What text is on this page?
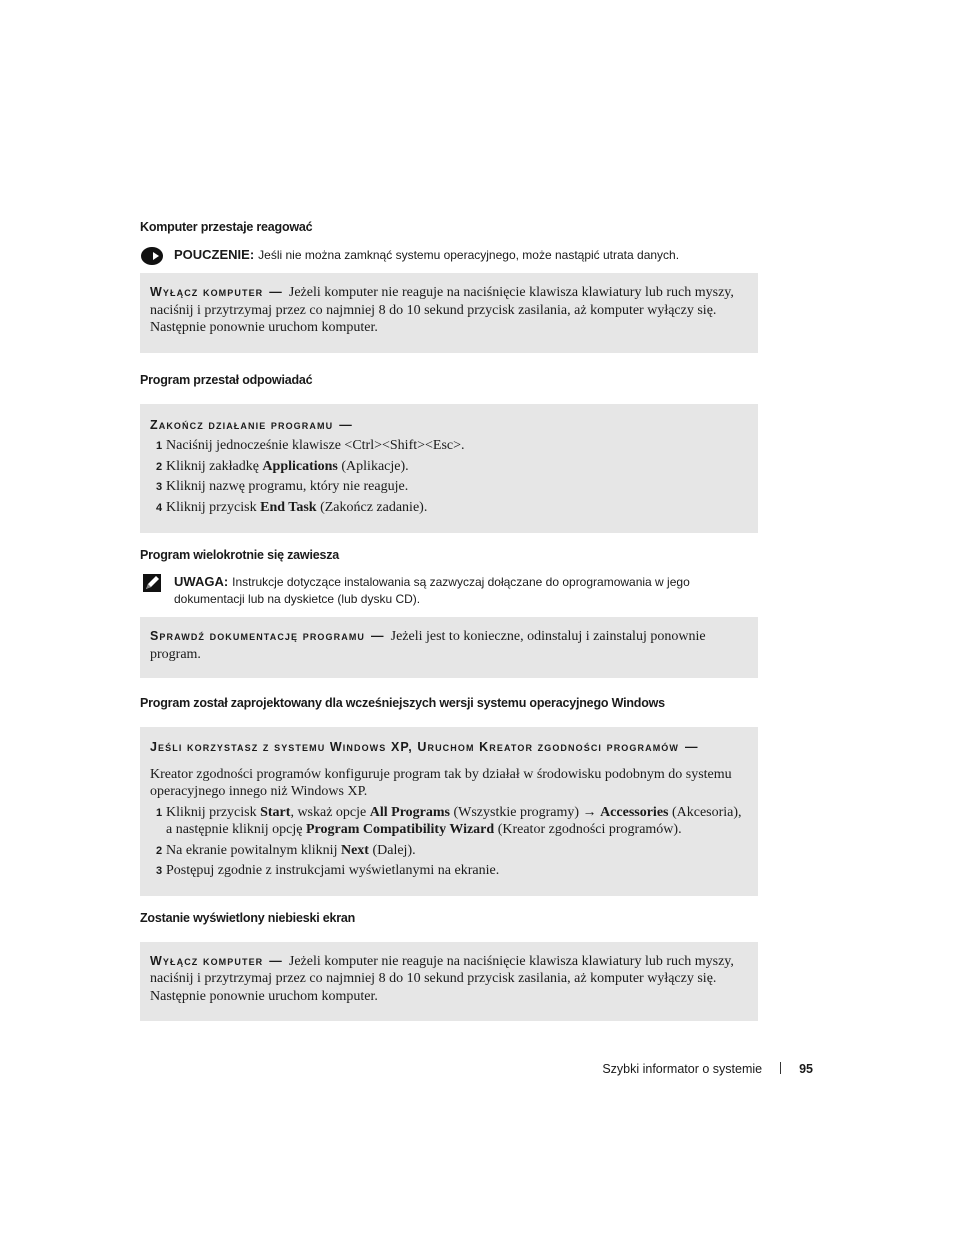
Komputer przestaje reagować
POUCZENIE: Jeśli nie można zamknąć systemu operacyjnego, może nastąpić utrata danych.

Wyłącz komputer — Jeżeli komputer nie reaguje na naciśnięcie klawisza klawiatury lub ruch myszy, naciśnij i przytrzymaj przez co najmniej 8 do 10 sekund przycisk zasilania, aż komputer wyłączy się. Następnie ponownie uruchom komputer.

Program przestał odpowiadać

Zakończ działanie programu —

1 Naciśnij jednocześnie klawisze <Ctrl><Shift><Esc>.
2 Kliknij zakładkę Applications (Aplikacje).
3 Kliknij nazwę programu, który nie reaguje.
4 Kliknij przycisk End Task (Zakończ zadanie).
Program wielokrotnie się zawiesza
UWAGA: Instrukcje dotyczące instalowania są zazwyczaj dołączane do oprogramowania w jego dokumentacji lub na dyskietce (lub dysku CD).

Sprawdź dokumentację programu — Jeżeli jest to konieczne, odinstaluj i zainstaluj ponownie program.

Program został zaprojektowany dla wcześniejszych wersji systemu operacyjnego Windows

Jeśli korzystasz z systemu Windows XP, Uruchom Kreator zgodności programów —

Kreator zgodności programów konfiguruje program tak by działał w środowisku podobnym do systemu operacyjnego innego niż Windows XP.

1 Kliknij przycisk Start, wskaż opcje All Programs (Wszystkie programy) → Accessories (Akcesoria), a następnie kliknij opcję Program Compatibility Wizard (Kreator zgodności programów).
2 Na ekranie powitalnym kliknij Next (Dalej).
3 Postępuj zgodnie z instrukcjami wyświetlanymi na ekranie.
Zostanie wyświetlony niebieski ekran

Wyłącz komputer — Jeżeli komputer nie reaguje na naciśnięcie klawisza klawiatury lub ruch myszy, naciśnij i przytrzymaj przez co najmniej 8 do 10 sekund przycisk zasilania, aż komputer wyłączy się. Następnie ponownie uruchom komputer.

Szybki informator o systemie	95
